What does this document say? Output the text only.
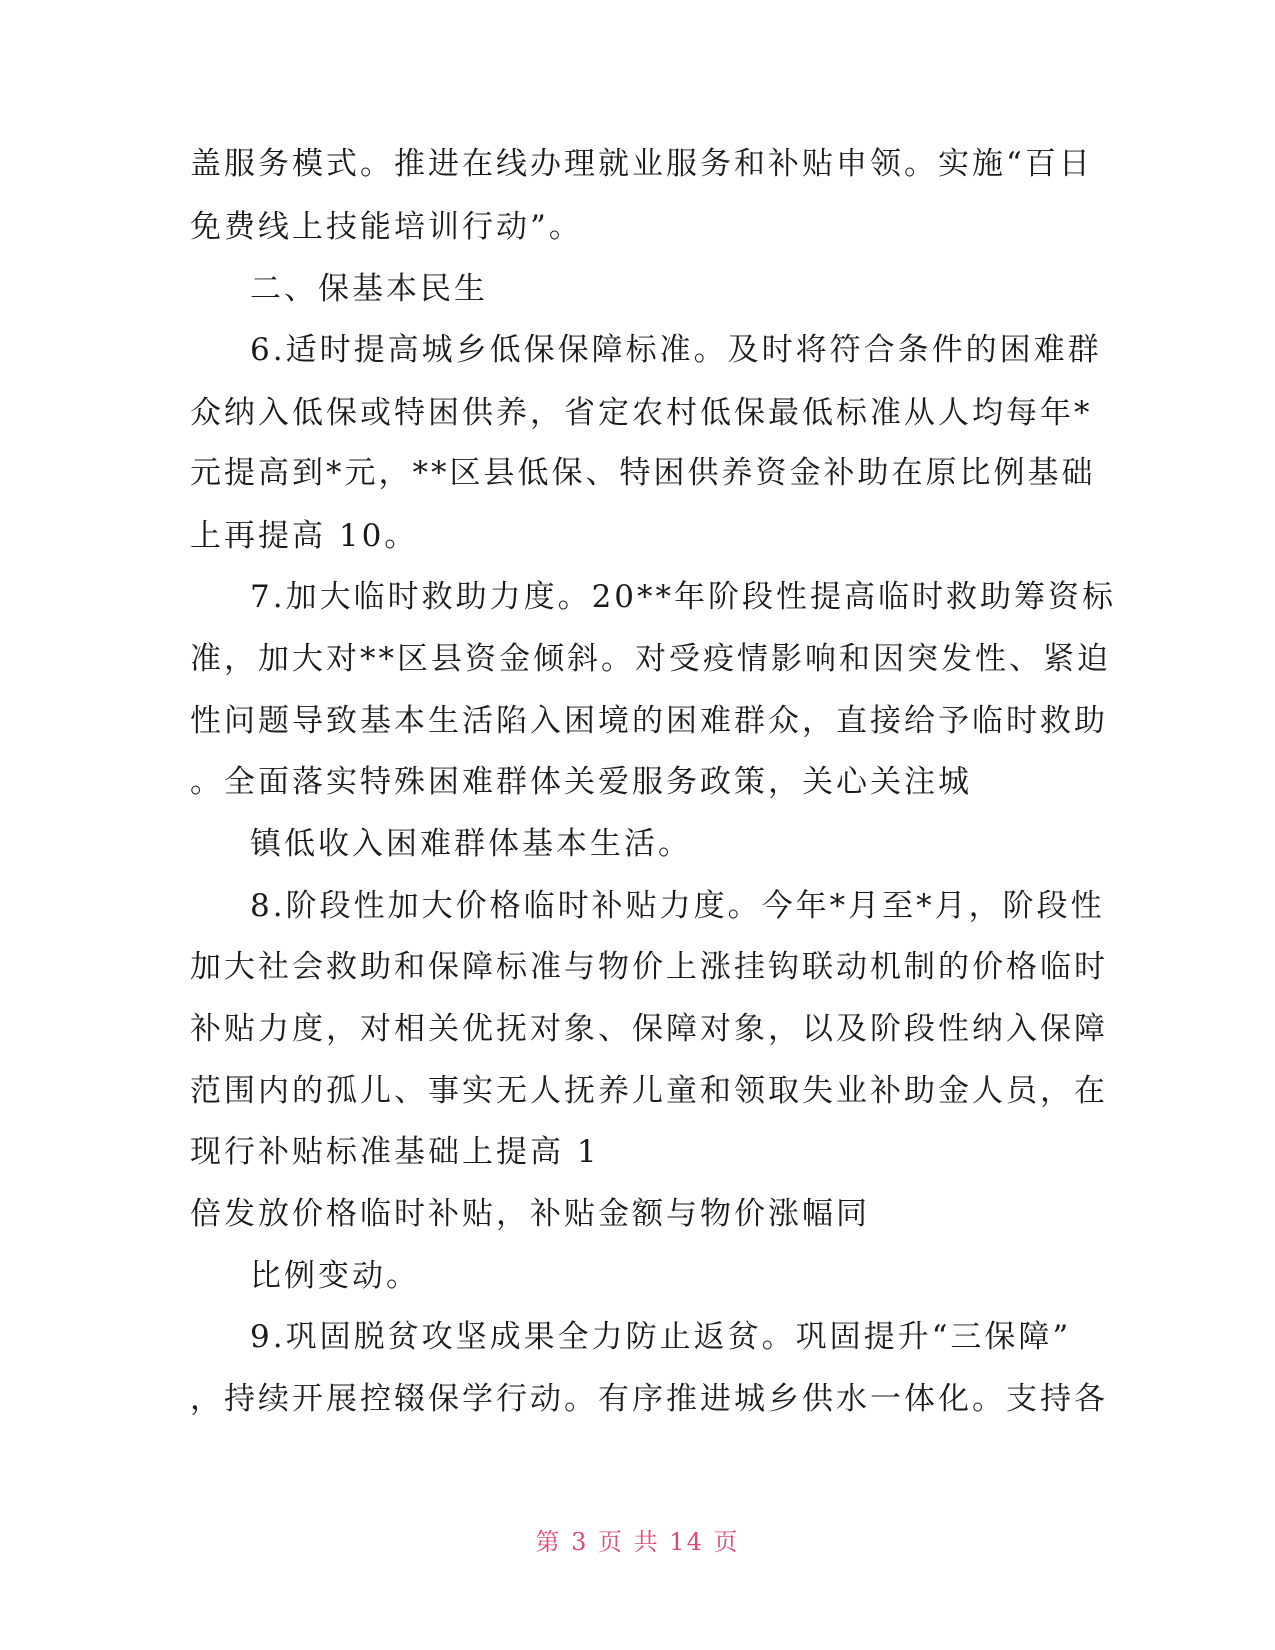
盖服务模式。推进在线办理就业服务和补贴申领。实施“百日
免费线上技能培训行动”。
二、保基本民生
6.适时提高城乡低保保障标准。及时将符合条件的困难群
众纳入低保或特困供养，省定农村低保最低标准从人均每年*
元提高到*元，**区县低保、特困供养资金补助在原比例基础
上再提高 10。
7.加大临时救助力度。20**年阶段性提高临时救助筹资标
准，加大对**区县资金倾斜。对受疫情影响和因突发性、紧迫
性问题导致基本生活陷入困境的困难群众，直接给予临时救助
。全面落实特殊困难群体关爱服务政策，关心关注城
镇低收入困难群体基本生活。
8.阶段性加大价格临时补贴力度。今年*月至*月，阶段性
加大社会救助和保障标准与物价上涨挂钩联动机制的价格临时
补贴力度，对相关优抚对象、保障对象，以及阶段性纳入保障
范围内的孤儿、事实无人抚养儿童和领取失业补助金人员，在
现行补贴标准基础上提高 1
倍发放价格临时补贴，补贴金额与物价涨幅同
比例变动。
9.巩固脱贫攻坚成果全力防止返贫。巩固提升“三保障”
，持续开展控辍保学行动。有序推进城乡供水一体化。支持各
第 3 页 共 14 页
